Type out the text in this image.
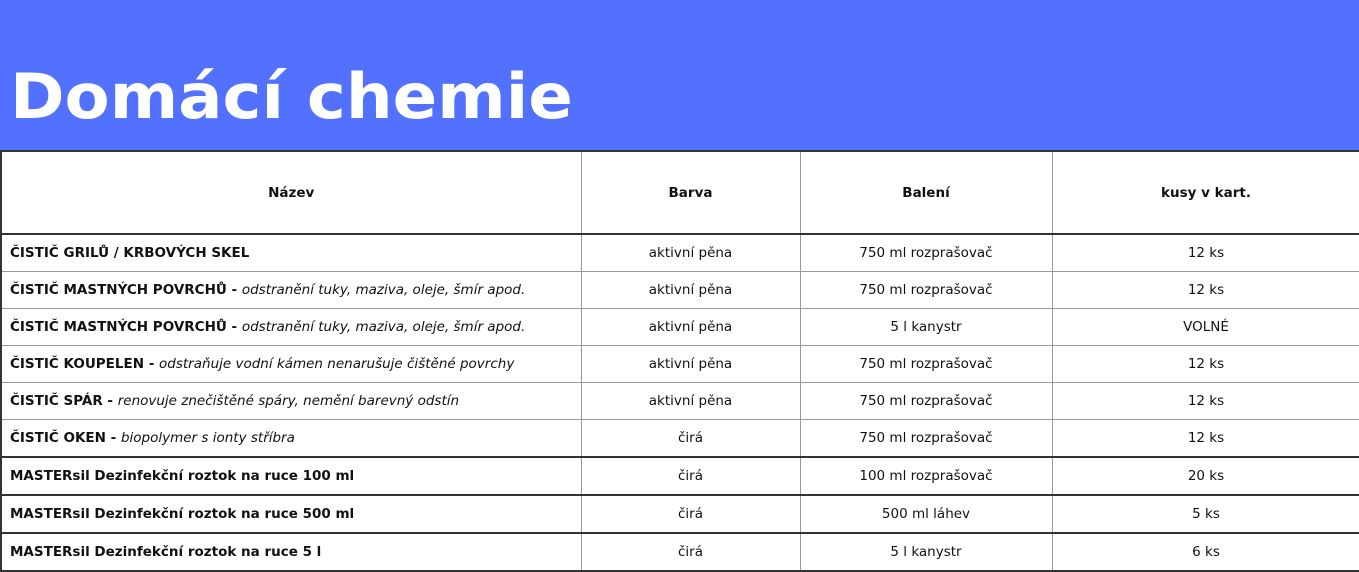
Domácí chemie
Název	Barva	Balení	kusy v kart.
ČISTIČ GRILŮ / KRBOVÝCH SKEL	aktivní pěna	750 ml rozprašovač	12 ks
ČISTIČ MASTNÝCH POVRCHŮ - odstranění tuky, maziva, oleje, šmír apod.	aktivní pěna	750 ml rozprašovač	12 ks
ČISTIČ MASTNÝCH POVRCHŮ - odstranění tuky, maziva, oleje, šmír apod.	aktivní pěna	5 l kanystr	VOLNÉ
ČISTIČ KOUPELEN - odstraňuje vodní kámen nenarušuje čištěné povrchy	aktivní pěna	750 ml rozprašovač	12 ks
ČISTIČ SPÁR - renovuje znečištěné spáry, nemění barevný odstín	aktivní pěna	750 ml rozprašovač	12 ks
ČISTIČ OKEN - biopolymer s ionty stříbra	čirá	750 ml rozprašovač	12 ks
MASTERsil Dezinfekční roztok na ruce 100 ml	čirá	100 ml rozprašovač	20 ks
MASTERsil Dezinfekční roztok na ruce 500 ml	čirá	500 ml láhev	5 ks
MASTERsil Dezinfekční roztok na ruce 5 l	čirá	5 l kanystr	6 ks
